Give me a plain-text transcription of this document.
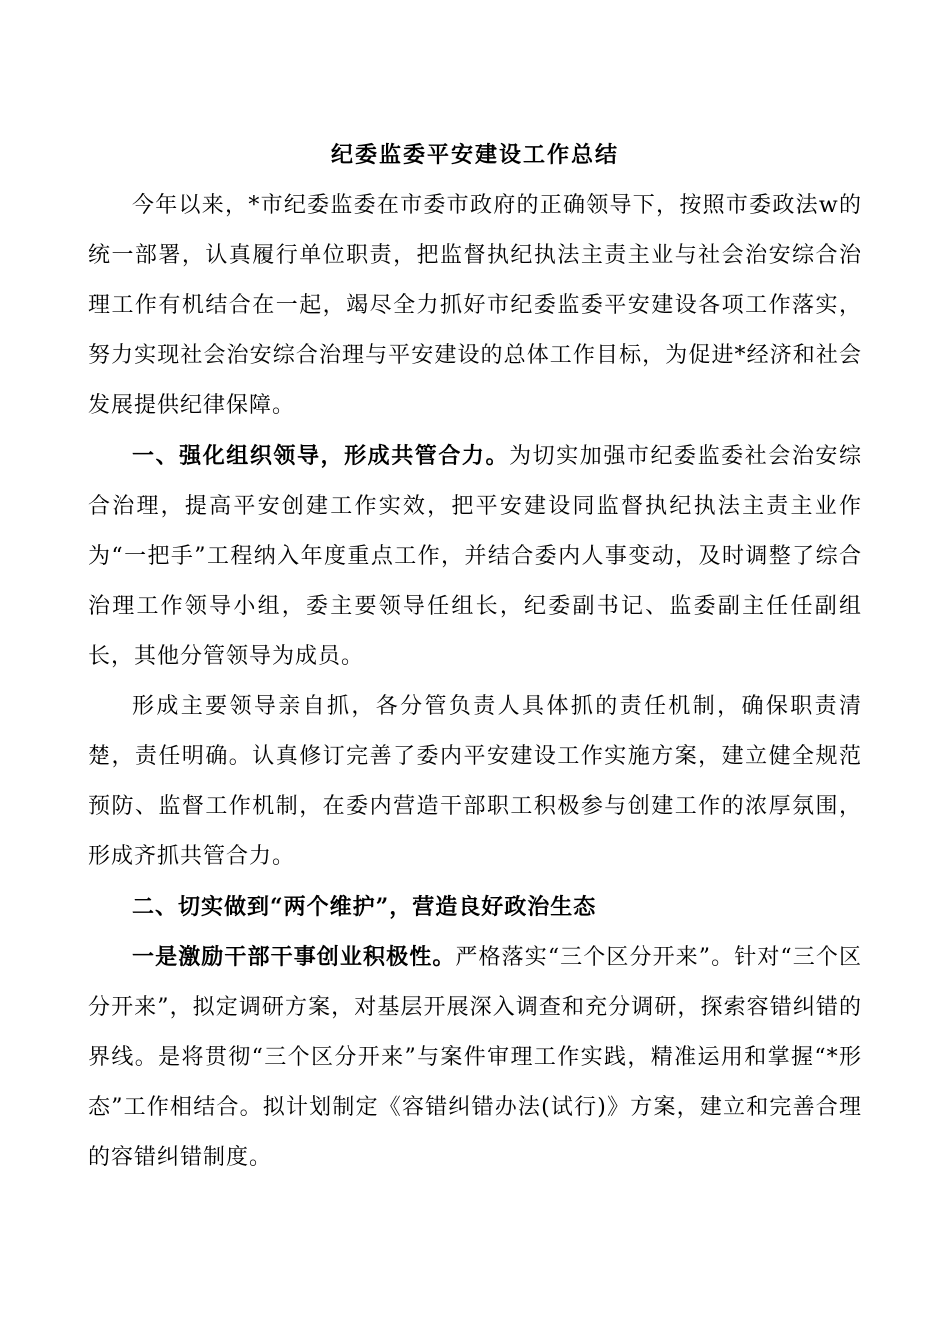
纪委监委平安建设工作总结

今年以来，*市纪委监委在市委市政府的正确领导下，按照市委政法w的统一部署，认真履行单位职责，把监督执纪执法主责主业与社会治安综合治理工作有机结合在一起，竭尽全力抓好市纪委监委平安建设各项工作落实，努力实现社会治安综合治理与平安建设的总体工作目标，为促进*经济和社会发展提供纪律保障。

一、强化组织领导，形成共管合力。为切实加强市纪委监委社会治安综合治理，提高平安创建工作实效，把平安建设同监督执纪执法主责主业作为“一把手”工程纳入年度重点工作，并结合委内人事变动，及时调整了综合治理工作领导小组，委主要领导任组长，纪委副书记、监委副主任任副组长，其他分管领导为成员。

形成主要领导亲自抓，各分管负责人具体抓的责任机制，确保职责清楚，责任明确。认真修订完善了委内平安建设工作实施方案，建立健全规范预防、监督工作机制，在委内营造干部职工积极参与创建工作的浓厚氛围，形成齐抓共管合力。

二、切实做到“两个维护”，营造良好政治生态

一是激励干部干事创业积极性。严格落实“三个区分开来”。针对“三个区分开来”，拟定调研方案，对基层开展深入调查和充分调研，探索容错纠错的界线。是将贯彻“三个区分开来”与案件审理工作实践，精准运用和掌握“*形态”工作相结合。拟计划制定《容错纠错办法(试行)》方案，建立和完善合理的容错纠错制度。
